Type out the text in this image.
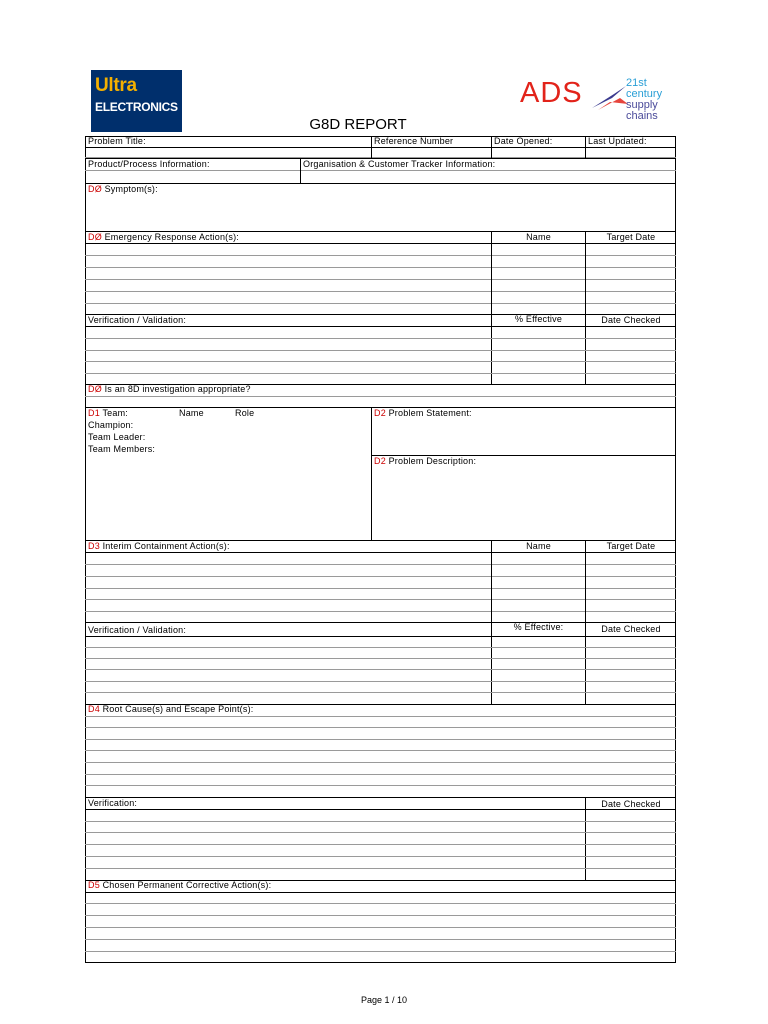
Ultra
ELECTRONICS	ADS	21st
century
supply
chains
G8D REPORT
Problem Title:	Reference Number	Date Opened:	Last Updated:
Product/Process Information:	Organisation & Customer Tracker Information:
DØ Symptom(s):
DØ Emergency Response Action(s):	Name	Target Date
Verification / Validation:	% Effective	Date Checked
DØ Is an 8D investigation appropriate?
D1 Team:	Name	Role
Champion:
Team Leader:
Team Members:
D2 Problem Statement:
D2 Problem Description:
D3 Interim Containment Action(s):	Name	Target Date
Verification / Validation:	% Effective:	Date Checked
D4 Root Cause(s) and Escape Point(s):
Verification:	Date Checked
D5 Chosen Permanent Corrective Action(s):
Page 1 / 10
